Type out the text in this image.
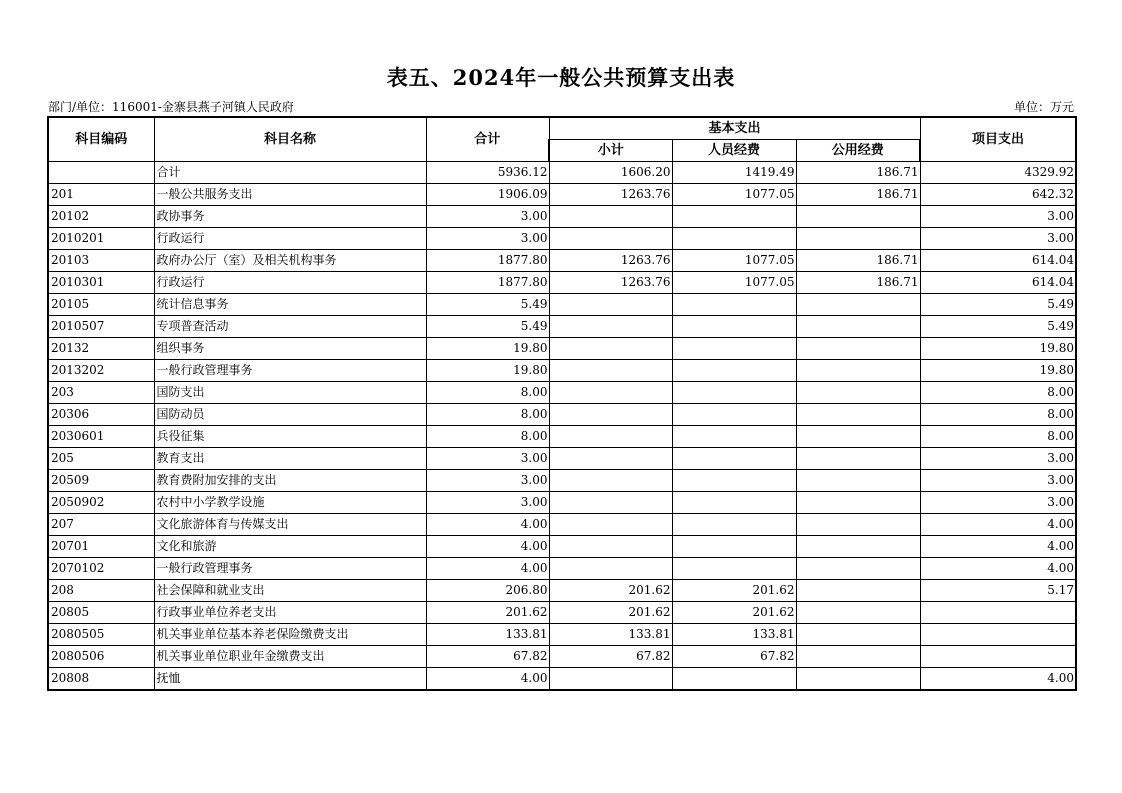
表五、2024年一般公共预算支出表
部门/单位：116001-金寨县燕子河镇人民政府	单位：万元
科目编码	科目名称	合计	基本支出			项目支出
			小计	人员经费	公用经费	
	合计	5936.12	1606.20	1419.49	186.71	4329.92
201	一般公共服务支出	1906.09	1263.76	1077.05	186.71	642.32
20102	政协事务	3.00				3.00
2010201	行政运行	3.00				3.00
20103	政府办公厅（室）及相关机构事务	1877.80	1263.76	1077.05	186.71	614.04
2010301	行政运行	1877.80	1263.76	1077.05	186.71	614.04
20105	统计信息事务	5.49				5.49
2010507	专项普查活动	5.49				5.49
20132	组织事务	19.80				19.80
2013202	一般行政管理事务	19.80				19.80
203	国防支出	8.00				8.00
20306	国防动员	8.00				8.00
2030601	兵役征集	8.00				8.00
205	教育支出	3.00				3.00
20509	教育费附加安排的支出	3.00				3.00
2050902	农村中小学教学设施	3.00				3.00
207	文化旅游体育与传媒支出	4.00				4.00
20701	文化和旅游	4.00				4.00
2070102	一般行政管理事务	4.00				4.00
208	社会保障和就业支出	206.80	201.62	201.62		5.17
20805	行政事业单位养老支出	201.62	201.62	201.62		
2080505	机关事业单位基本养老保险缴费支出	133.81	133.81	133.81		
2080506	机关事业单位职业年金缴费支出	67.82	67.82	67.82		
20808	抚恤	4.00				4.00
